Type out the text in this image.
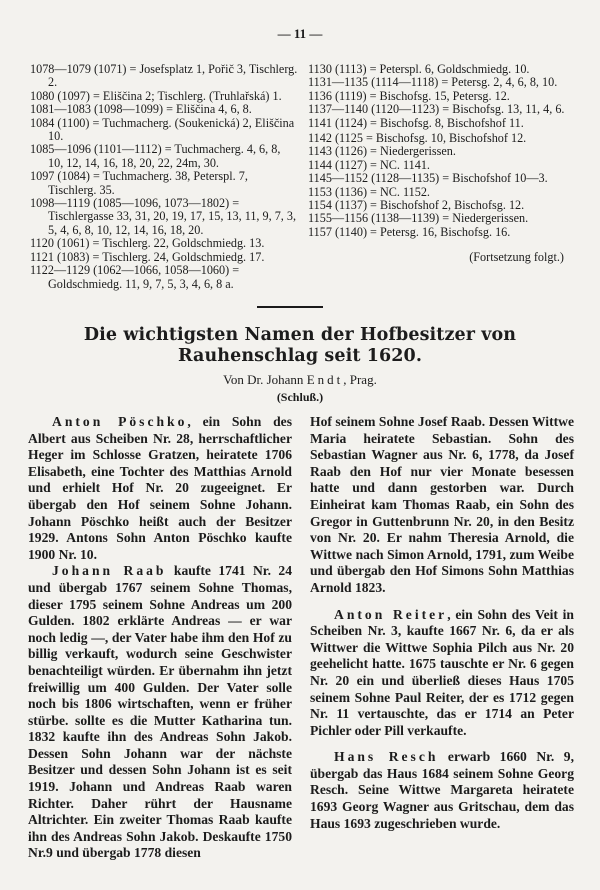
— 11 —

1078—1079 (1071) = Josefsplatz 1, Pořič 3, Tischlerg. 2.

1080 (1097) = Eliščina 2; Tischlerg. (Truhlařská) 1.

1081—1083 (1098—1099) = Eliščina 4, 6, 8.

1084 (1100) = Tuchmacherg. (Soukenická) 2, Eliščina 10.

1085—1096 (1101—1112) = Tuchmacherg. 4, 6, 8, 10, 12, 14, 16, 18, 20, 22, 24m, 30.

1097 (1084) = Tuchmacherg. 38, Peterspl. 7, Tischlerg. 35.

1098—1119 (1085—1096, 1073—1802) = Tischlergasse 33, 31, 20, 19, 17, 15, 13, 11, 9, 7, 3, 5, 4, 6, 8, 10, 12, 14, 16, 18, 20.

1120 (1061) = Tischlerg. 22, Goldschmiedg. 13.

1121 (1083) = Tischlerg. 24, Goldschmiedg. 17.

1122—1129 (1062—1066, 1058—1060) = Goldschmiedg. 11, 9, 7, 5, 3, 4, 6, 8 a.

1130 (1113) = Peterspl. 6, Goldschmiedg. 10.

1131—1135 (1114—1118) = Petersg. 2, 4, 6, 8, 10.

1136 (1119) = Bischofsg. 15, Petersg. 12.

1137—1140 (1120—1123) = Bischofsg. 13, 11, 4, 6.

1141 (1124) = Bischofsg. 8, Bischofshof 11.

1142 (1125 = Bischofsg. 10, Bischofshof 12.

1143 (1126) = Niedergerissen.

1144 (1127) = NC. 1141.

1145—1152 (1128—1135) = Bischofshof 10—3.

1153 (1136) = NC. 1152.

1154 (1137) = Bischofshof 2, Bischofsg. 12.

1155—1156 (1138—1139) = Niedergerissen.

1157 (1140) = Petersg. 16, Bischofsg. 16.

(Fortsetzung folgt.)
Die wichtigsten Namen der Hofbesitzer von Rauhenschlag seit 1620.
Von Dr. Johann Endt, Prag.
(Schluß.)

Anton Pöschko, ein Sohn des Albert aus Scheiben Nr. 28, herrschaftlicher Heger im Schlosse Gratzen, heiratete 1706 Elisabeth, eine Tochter des Matthias Arnold und erhielt Hof Nr. 20 zugeeignet. Er übergab den Hof seinem Sohne Johann. Johann Pöschko heißt auch der Besitzer 1929. Antons Sohn Anton Pöschko kaufte 1900 Nr. 10.

Johann Raab kaufte 1741 Nr. 24 und übergab 1767 seinem Sohne Thomas, dieser 1795 seinem Sohne Andreas um 200 Gulden. 1802 erklärte Andreas — er war noch ledig —, der Vater habe ihm den Hof zu billig verkauft, wodurch seine Geschwister benachteiligt würden. Er übernahm ihn jetzt freiwillig um 400 Gulden. Der Vater solle noch bis 1806 wirtschaften, wenn er früher stürbe. sollte es die Mutter Katharina tun. 1832 kaufte ihn des Andreas Sohn Jakob. Dessen Sohn Johann war der nächste Besitzer und dessen Sohn Johann ist es seit 1919. Johann und Andreas Raab waren Richter. Daher rührt der Hausname Altrichter. Ein zweiter Thomas Raab kaufte ihn des Andreas Sohn Jakob. Deskaufte 1750 Nr.9 und übergab 1778 diesen

Hof seinem Sohne Josef Raab. Dessen Wittwe Maria heiratete Sebastian. Sohn des Sebastian Wagner aus Nr. 6, 1778, da Josef Raab den Hof nur vier Monate besessen hatte und dann gestorben war. Durch Einheirat kam Thomas Raab, ein Sohn des Gregor in Guttenbrunn Nr. 20, in den Besitz von Nr. 20. Er nahm Theresia Arnold, die Wittwe nach Simon Arnold, 1791, zum Weibe und übergab den Hof Simons Sohn Matthias Arnold 1823.

Anton Reiter, ein Sohn des Veit in Scheiben Nr. 3, kaufte 1667 Nr. 6, da er als Wittwer die Wittwe Sophia Pilch aus Nr. 20 geehelicht hatte. 1675 tauschte er Nr. 6 gegen Nr. 20 ein und überließ dieses Haus 1705 seinem Sohne Paul Reiter, der es 1712 gegen Nr. 11 vertauschte, das er 1714 an Peter Pichler oder Pill verkaufte.

Hans Resch erwarb 1660 Nr. 9, übergab das Haus 1684 seinem Sohne Georg Resch. Seine Wittwe Margareta heiratete 1693 Georg Wagner aus Gritschau, dem das Haus 1693 zugeschrieben wurde.
